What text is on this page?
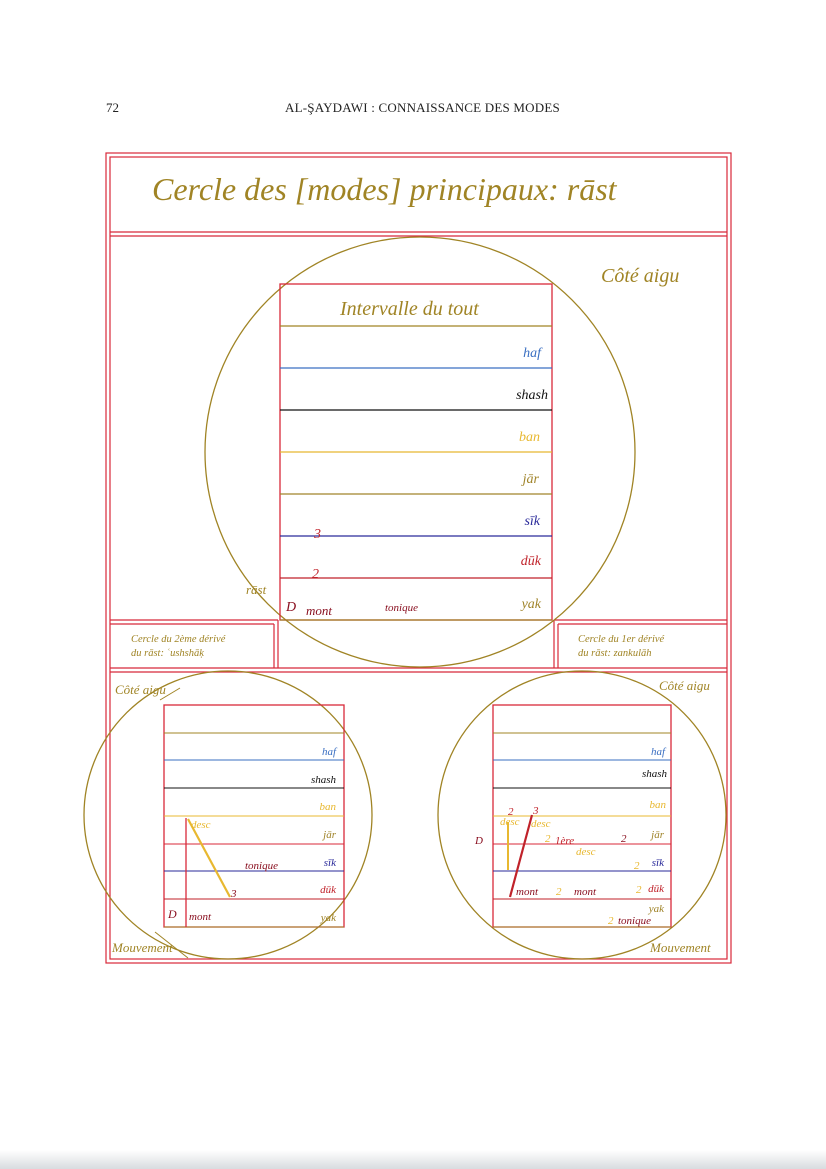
72	AL-ŞAYDAWI : CONNAISSANCE DES MODES
Cercle des [modes] principaux: rāst
Intervalle du tout
Côté aigu
haf
shash
ban
jār
sīk
dūk
yak
3
2
rāst
D mont	tonique
Cercle du 2ème dérivé du rāst: ʿushshāḳ
Cercle du 1er dérivé du rāst: zankulāh
haf
shash
ban
jār
sīk
dūk
yak
desc
tonique
3
D mont
Côté aigu
Mouvement
haf
shash
ban
jār
sīk
dūk
yak
2 3
desc desc
D	2 1ère	2
desc
2
mont 2 mont	2
2 tonique
Côté aigu
Mouvement
